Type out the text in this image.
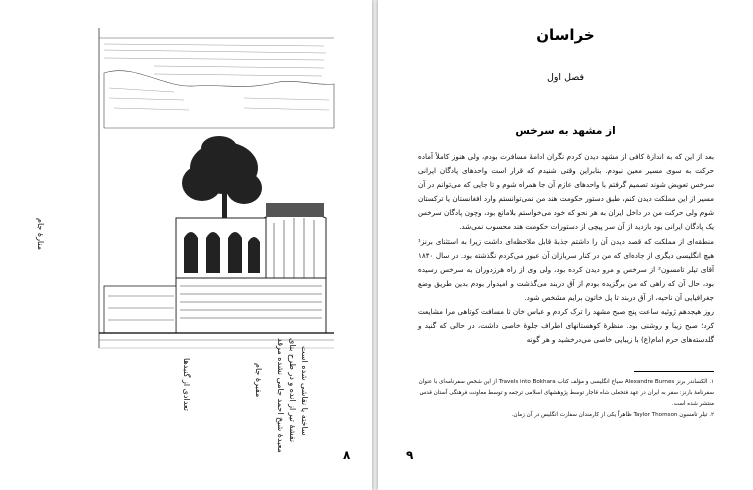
منارهٔ جام
تعدادی از گنبدها	مقبرهٔ جام معبد‌‌‌‌‌هٔ شیخ احمد جامی نشده مرقد نقشهٔ تیر از انده و در طرح بنای ساخته یا نقاشی شده است
۸
خراسان
فصل اول
از مشهد به سرخس

بعد از این که به اندازهٔ کافی از مشهد دیدن کردم نگران ادامهٔ مسافرت بودم، ولی هنوز کاملاً آماده حرکت به سوی مسیر معین نبودم. بنابراین وقتی شنیدم که قرار است واحدهای پادگان ایرانی سرخس تعویض شوند تصمیم گرفتم با واحدهای عازم آن جا همراه شوم و تا جایی که می‌توانم در آن مسیر از این مملکت دیدن کنم، طبق دستور حکومت هند من نمی‌توانستم وارد افغانستان یا ترکستان شوم ولی حرکت من در داخل ایران به هر نحو که خود می‌خواستم بلامانع بود، وچون پادگان سرخس یک پادگان ایرانی بود بازدید از آن سر پیچی از دستورات حکومت هند محسوب نمی‌شد.

منطقه‌ای از مملکت که قصد دیدن آن را داشتم جذبهٔ قابل ملاحظه‌ای داشت زیرا به استثنای برنز¹ هیچ انگلیسی دیگری از جاده‌ای که من در کنار سربازان آن عبور می‌کردم نگذشته بود. در سال ۱۸۴۰ آقای تیلر تامسون² از سرخس و مرو دیدن کرده بود، ولی وی از راه هرزدوران به سرخس رسیده بود، حال آن که راهی که من برگزیده بودم از آق دربند می‌گذشت و امیدوار بودم بدین طریق وضع جغرافیایی آن ناحیه، از آق دربند تا پل خاتون برایم مشخص شود.

روز هیجدهم ژوئیه ساعت پنج صبح مشهد را ترک کردم و عباس خان تا مسافت کوتاهی مرا مشایعت کرد؛ صبح زیبا و روشنی بود. منظرهٔ کوهستانهای اطراف جلوهٔ خاصی داشت، در حالی که گنبد و گلدسته‌های حرم امام(ع) با زیبایی خاصی می‌درخشید و هر گونه

۱. الکساندر برنز Alexandre Burnes سیاح انگلیسی و مؤلف کتاب Travels into Bokhara از این شخص سفرنامه‌ای با عنوان سفرنامهٔ بارنز: سفر به ایران در عهد فتحعلی شاه قاجار توسط پژوهشهای اسلامی ترجمه و توسط معاونت فرهنگی آستان قدس منتشر شده است.

۲. تیلر تامسون Taylor Thomson ظاهراً یکی از کارمندان سفارت انگلیس در آن زمان.

۹
